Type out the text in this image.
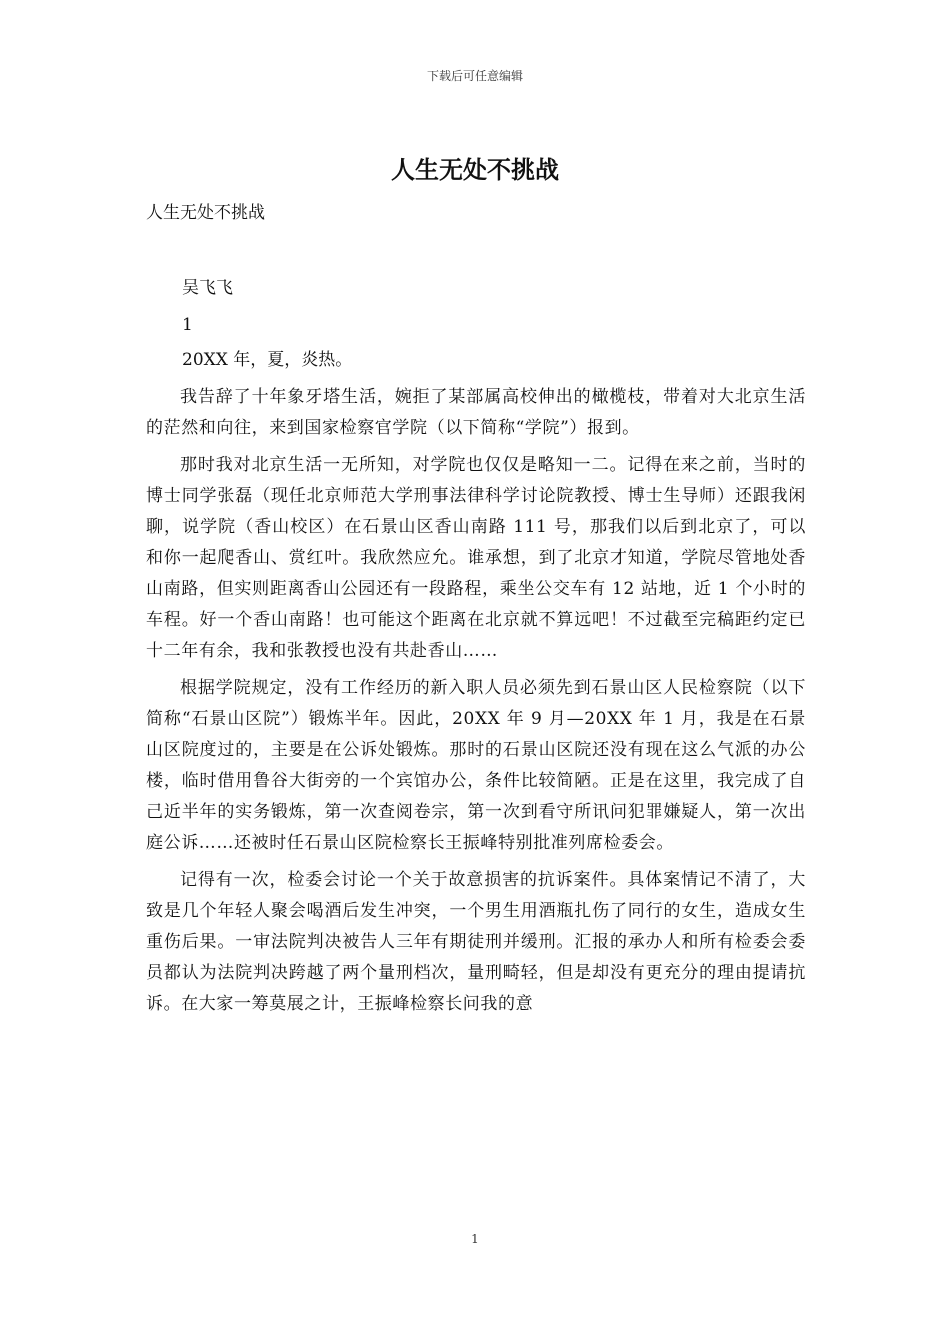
下载后可任意编辑
人生无处不挑战

人生无处不挑战

吴飞飞

1

20XX 年，夏，炎热。

我告辞了十年象牙塔生活，婉拒了某部属高校伸出的橄榄枝，带着对大北京生活的茫然和向往，来到国家检察官学院（以下简称“学院”）报到。

那时我对北京生活一无所知，对学院也仅仅是略知一二。记得在来之前，当时的博士同学张磊（现任北京师范大学刑事法律科学讨论院教授、博士生导师）还跟我闲聊，说学院（香山校区）在石景山区香山南路 111 号，那我们以后到北京了，可以和你一起爬香山、赏红叶。我欣然应允。谁承想，到了北京才知道，学院尽管地处香山南路，但实则距离香山公园还有一段路程，乘坐公交车有 12 站地，近 1 个小时的车程。好一个香山南路！也可能这个距离在北京就不算远吧！不过截至完稿距约定已十二年有余，我和张教授也没有共赴香山……

根据学院规定，没有工作经历的新入职人员必须先到石景山区人民检察院（以下简称“石景山区院”）锻炼半年。因此，20XX 年 9 月—20XX 年 1 月，我是在石景山区院度过的，主要是在公诉处锻炼。那时的石景山区院还没有现在这么气派的办公楼，临时借用鲁谷大街旁的一个宾馆办公，条件比较简陋。正是在这里，我完成了自己近半年的实务锻炼，第一次查阅卷宗，第一次到看守所讯问犯罪嫌疑人，第一次出庭公诉……还被时任石景山区院检察长王振峰特别批准列席检委会。

记得有一次，检委会讨论一个关于故意损害的抗诉案件。具体案情记不清了，大致是几个年轻人聚会喝酒后发生冲突，一个男生用酒瓶扎伤了同行的女生，造成女生重伤后果。一审法院判决被告人三年有期徒刑并缓刑。汇报的承办人和所有检委会委员都认为法院判决跨越了两个量刑档次，量刑畸轻，但是却没有更充分的理由提请抗诉。在大家一筹莫展之计，王振峰检察长问我的意

1
